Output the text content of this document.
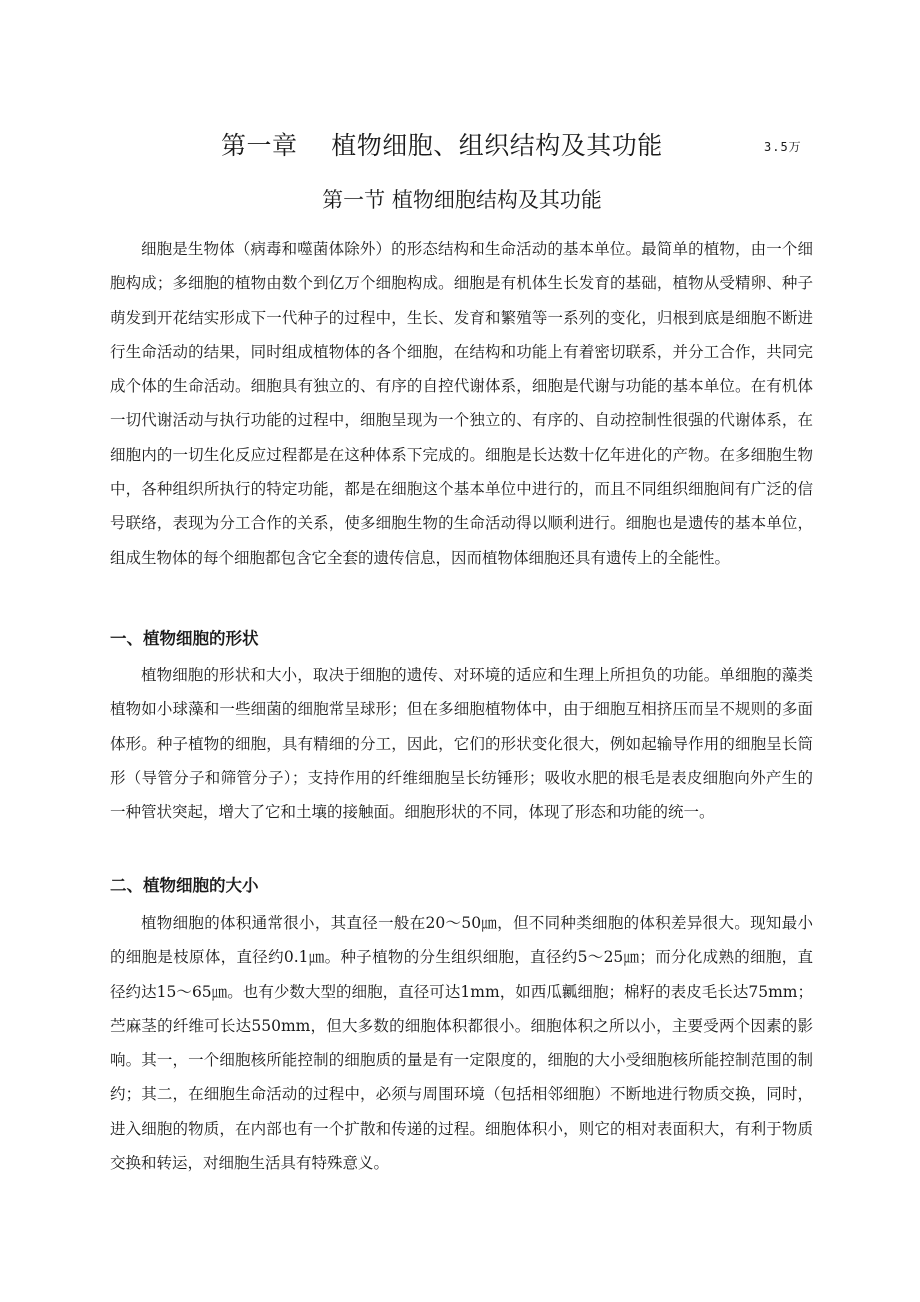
第一章    植物细胞、组织结构及其功能	3.5万
第一节 植物细胞结构及其功能

细胞是生物体（病毒和噬菌体除外）的形态结构和生命活动的基本单位。最简单的植物，由一个细胞构成；多细胞的植物由数个到亿万个细胞构成。细胞是有机体生长发育的基础，植物从受精卵、种子萌发到开花结实形成下一代种子的过程中，生长、发育和繁殖等一系列的变化，归根到底是细胞不断进行生命活动的结果，同时组成植物体的各个细胞，在结构和功能上有着密切联系，并分工合作，共同完成个体的生命活动。细胞具有独立的、有序的自控代谢体系，细胞是代谢与功能的基本单位。在有机体一切代谢活动与执行功能的过程中，细胞呈现为一个独立的、有序的、自动控制性很强的代谢体系，在细胞内的一切生化反应过程都是在这种体系下完成的。细胞是长达数十亿年进化的产物。在多细胞生物中，各种组织所执行的特定功能，都是在细胞这个基本单位中进行的，而且不同组织细胞间有广泛的信号联络，表现为分工合作的关系，使多细胞生物的生命活动得以顺利进行。细胞也是遗传的基本单位，组成生物体的每个细胞都包含它全套的遗传信息，因而植物体细胞还具有遗传上的全能性。

一、植物细胞的形状

植物细胞的形状和大小，取决于细胞的遗传、对环境的适应和生理上所担负的功能。单细胞的藻类植物如小球藻和一些细菌的细胞常呈球形；但在多细胞植物体中，由于细胞互相挤压而呈不规则的多面体形。种子植物的细胞，具有精细的分工，因此，它们的形状变化很大，例如起输导作用的细胞呈长筒形（导管分子和筛管分子）；支持作用的纤维细胞呈长纺锤形；吸收水肥的根毛是表皮细胞向外产生的一种管状突起，增大了它和土壤的接触面。细胞形状的不同，体现了形态和功能的统一。

二、植物细胞的大小

植物细胞的体积通常很小，其直径一般在20～50㎛，但不同种类细胞的体积差异很大。现知最小的细胞是枝原体，直径约0.1㎛。种子植物的分生组织细胞，直径约5～25㎛；而分化成熟的细胞，直径约达15～65㎛。也有少数大型的细胞，直径可达1mm，如西瓜瓤细胞；棉籽的表皮毛长达75mm；苎麻茎的纤维可长达550mm，但大多数的细胞体积都很小。细胞体积之所以小，主要受两个因素的影响。其一，一个细胞核所能控制的细胞质的量是有一定限度的，细胞的大小受细胞核所能控制范围的制约；其二，在细胞生命活动的过程中，必须与周围环境（包括相邻细胞）不断地进行物质交换，同时，进入细胞的物质，在内部也有一个扩散和传递的过程。细胞体积小，则它的相对表面积大，有利于物质交换和转运，对细胞生活具有特殊意义。
